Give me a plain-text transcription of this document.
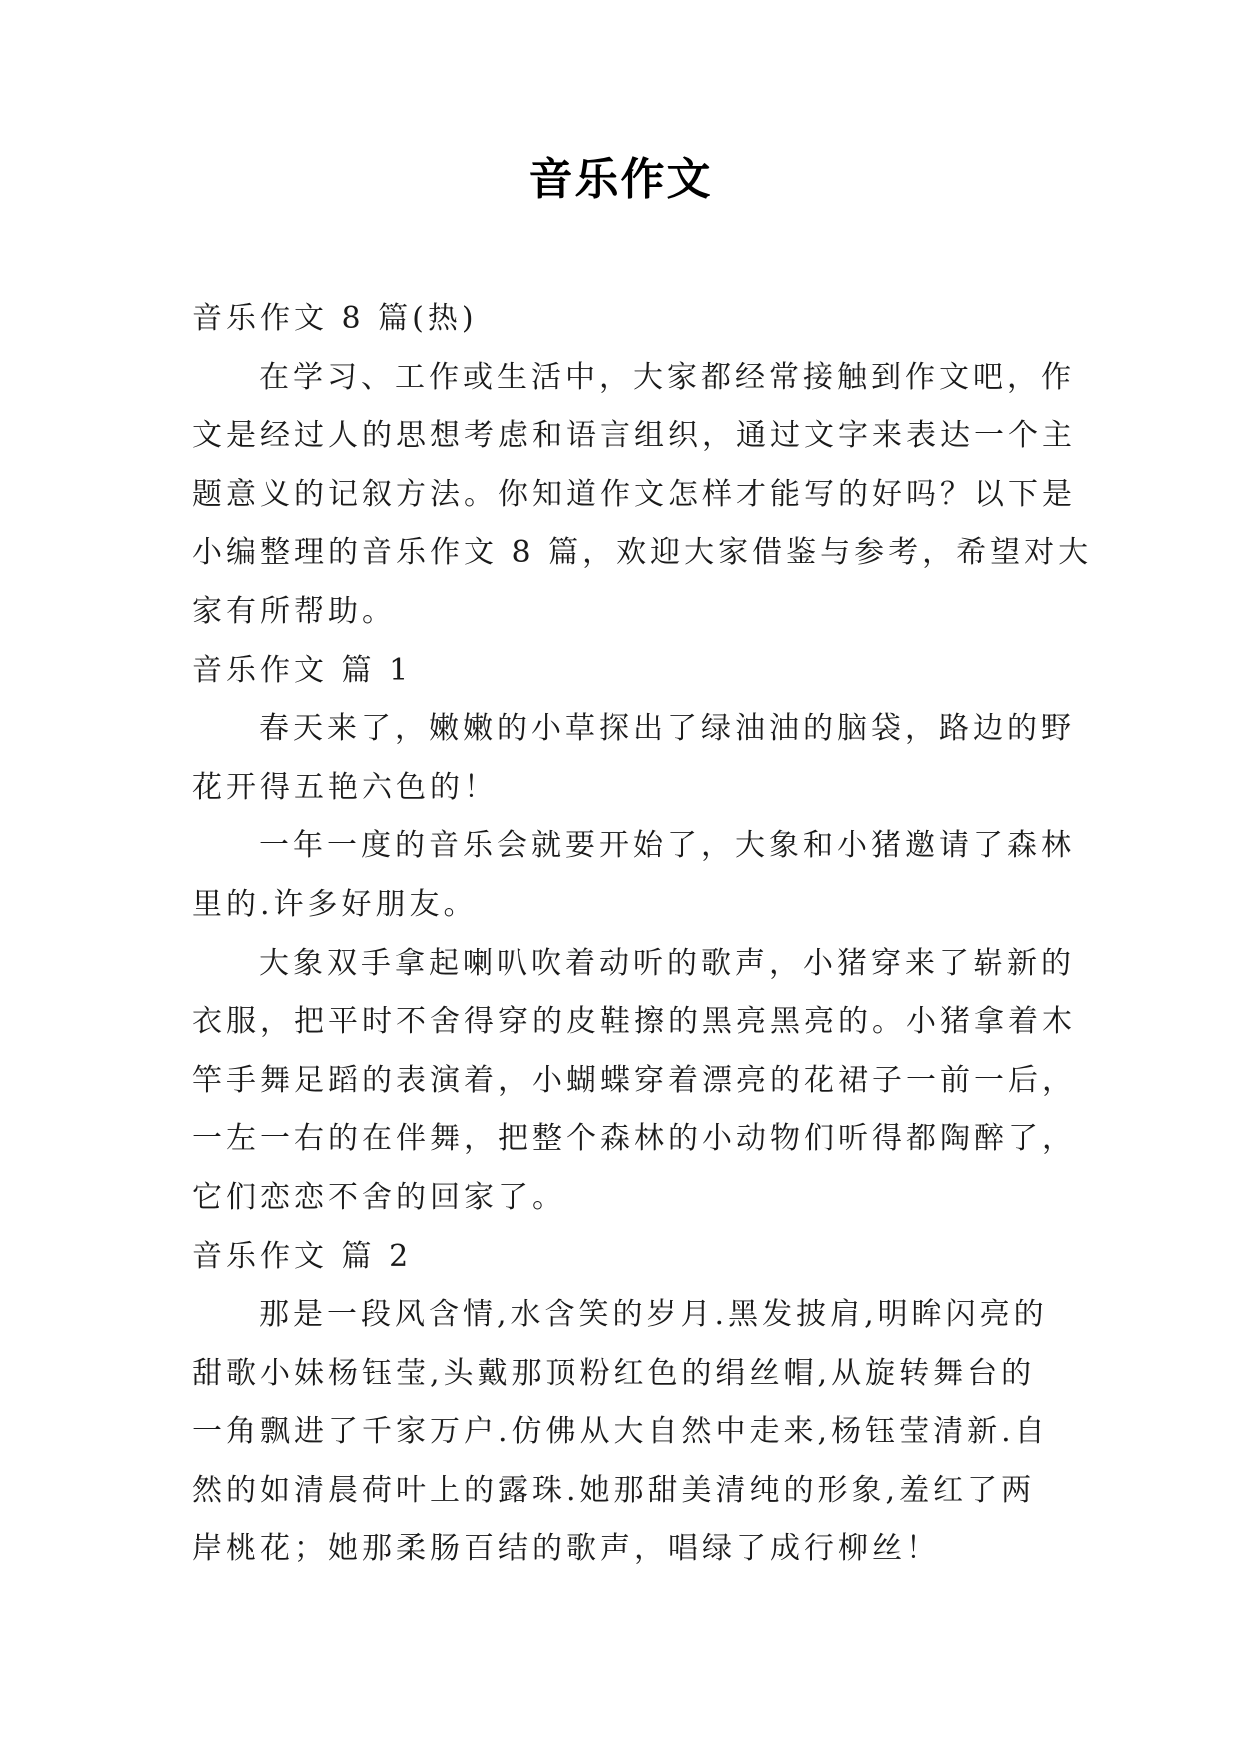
音乐作文
音乐作文 8 篇(热)
在学习、工作或生活中，大家都经常接触到作文吧，作
文是经过人的思想考虑和语言组织，通过文字来表达一个主
题意义的记叙方法。你知道作文怎样才能写的好吗？以下是
小编整理的音乐作文 8 篇，欢迎大家借鉴与参考，希望对大
家有所帮助。
音乐作文 篇 1
春天来了，嫩嫩的小草探出了绿油油的脑袋，路边的野
花开得五艳六色的！
一年一度的音乐会就要开始了，大象和小猪邀请了森林
里的.许多好朋友。
大象双手拿起喇叭吹着动听的歌声，小猪穿来了崭新的
衣服，把平时不舍得穿的皮鞋擦的黑亮黑亮的。小猪拿着木
竿手舞足蹈的表演着，小蝴蝶穿着漂亮的花裙子一前一后，
一左一右的在伴舞，把整个森林的小动物们听得都陶醉了，
它们恋恋不舍的回家了。
音乐作文 篇 2
那是一段风含情,水含笑的岁月.黑发披肩,明眸闪亮的
甜歌小妹杨钰莹,头戴那顶粉红色的绢丝帽,从旋转舞台的
一角飘进了千家万户.仿佛从大自然中走来,杨钰莹清新.自
然的如清晨荷叶上的露珠.她那甜美清纯的形象,羞红了两
岸桃花；她那柔肠百结的歌声，唱绿了成行柳丝！
